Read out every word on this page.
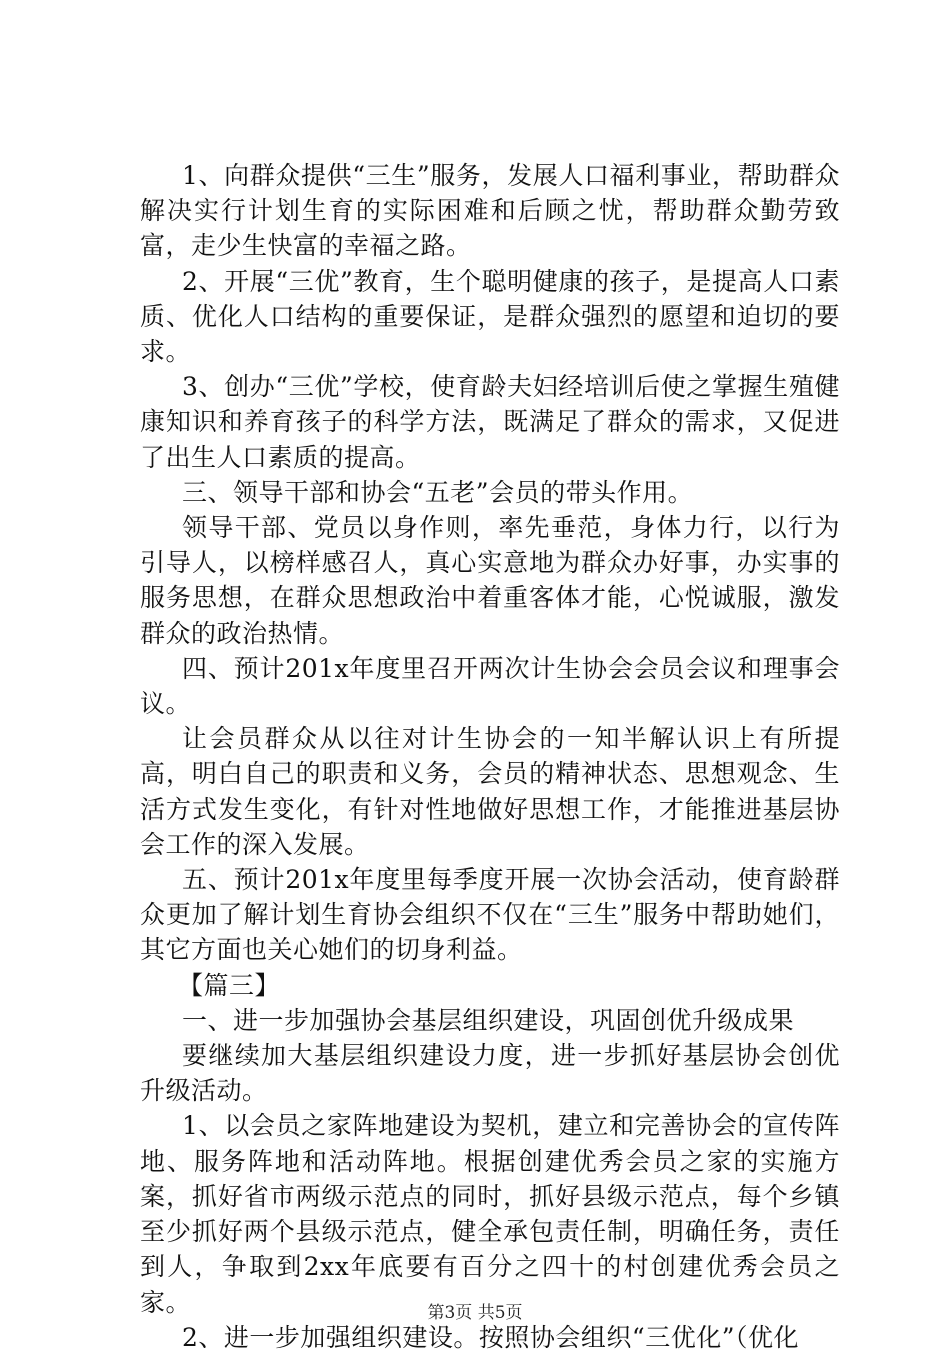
1、向群众提供“三生”服务，发展人口福利事业，帮助群众解决实行计划生育的实际困难和后顾之忧，帮助群众勤劳致富，走少生快富的幸福之路。

2、开展“三优”教育，生个聪明健康的孩子，是提高人口素质、优化人口结构的重要保证，是群众强烈的愿望和迫切的要求。

3、创办“三优”学校，使育龄夫妇经培训后使之掌握生殖健康知识和养育孩子的科学方法，既满足了群众的需求，又促进了出生人口素质的提高。

三、领导干部和协会“五老”会员的带头作用。

领导干部、党员以身作则，率先垂范，身体力行，以行为引导人，以榜样感召人，真心实意地为群众办好事，办实事的服务思想，在群众思想政治中着重客体才能，心悦诚服，激发群众的政治热情。

四、预计201x年度里召开两次计生协会会员会议和理事会议。

让会员群众从以往对计生协会的一知半解认识上有所提高，明白自己的职责和义务，会员的精神状态、思想观念、生活方式发生变化，有针对性地做好思想工作，才能推进基层协会工作的深入发展。

五、预计201x年度里每季度开展一次协会活动，使育龄群众更加了解计划生育协会组织不仅在“三生”服务中帮助她们，其它方面也关心她们的切身利益。

【篇三】

一、进一步加强协会基层组织建设，巩固创优升级成果

要继续加大基层组织建设力度，进一步抓好基层协会创优升级活动。

1、以会员之家阵地建设为契机，建立和完善协会的宣传阵地、服务阵地和活动阵地。根据创建优秀会员之家的实施方案，抓好省市两级示范点的同时，抓好县级示范点，每个乡镇至少抓好两个县级示范点，健全承包责任制，明确任务，责任到人，争取到2xx年底要有百分之四十的村创建优秀会员之家。

2、进一步加强组织建设。按照协会组织“三优化”（优化

第3页 共5页
